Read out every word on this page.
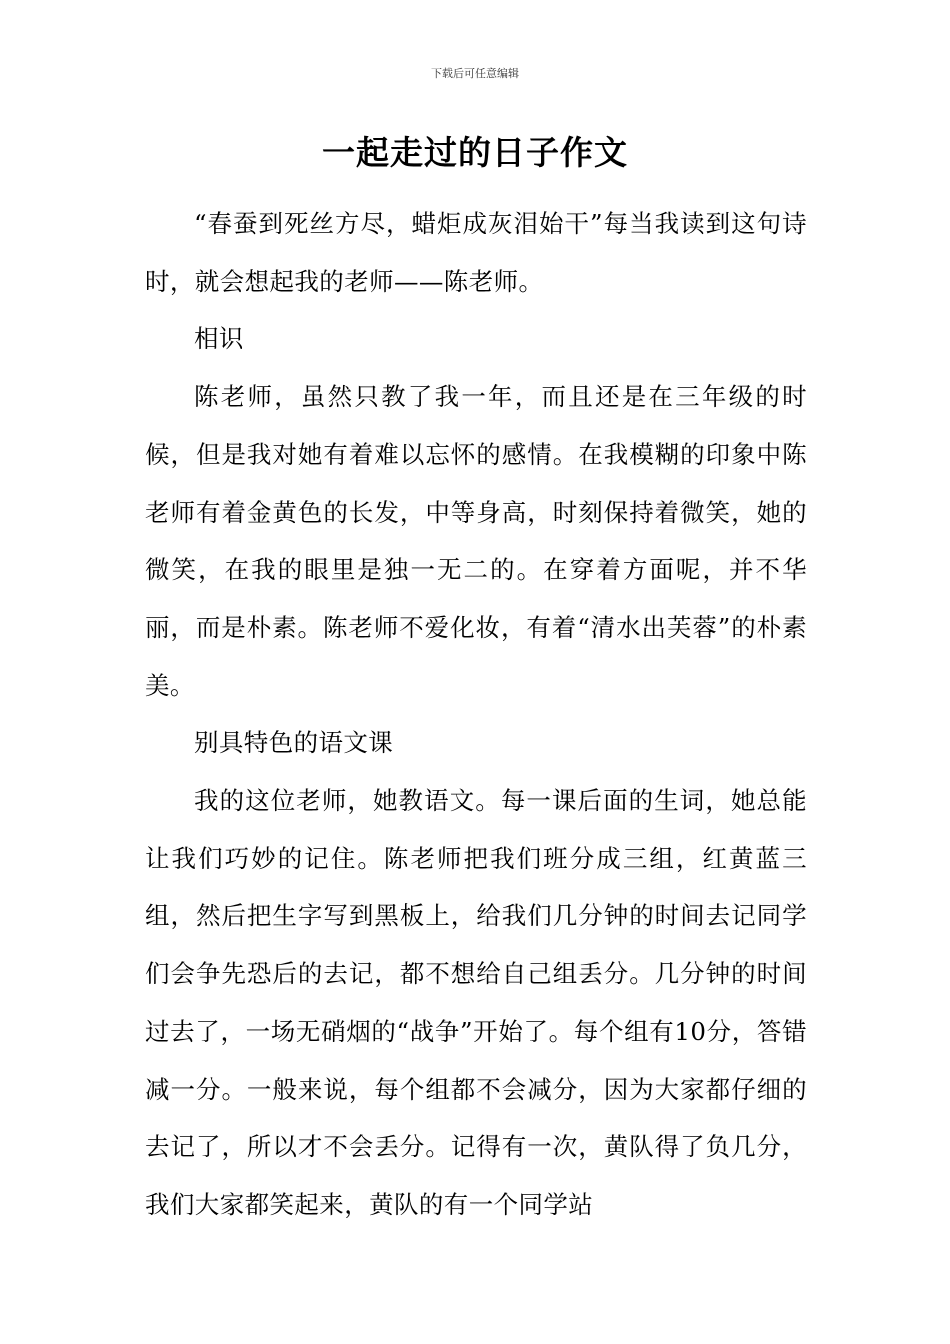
下载后可任意编辑
一起走过的日子作文

“春蚕到死丝方尽，蜡炬成灰泪始干”每当我读到这句诗时，就会想起我的老师——陈老师。

相识

陈老师，虽然只教了我一年，而且还是在三年级的时候，但是我对她有着难以忘怀的感情。在我模糊的印象中陈老师有着金黄色的长发，中等身高，时刻保持着微笑，她的微笑，在我的眼里是独一无二的。在穿着方面呢，并不华丽，而是朴素。陈老师不爱化妆，有着“清水出芙蓉”的朴素美。

别具特色的语文课

我的这位老师，她教语文。每一课后面的生词，她总能让我们巧妙的记住。陈老师把我们班分成三组，红黄蓝三组，然后把生字写到黑板上，给我们几分钟的时间去记同学们会争先恐后的去记，都不想给自己组丢分。几分钟的时间过去了，一场无硝烟的“战争”开始了。每个组有10分，答错减一分。一般来说，每个组都不会减分，因为大家都仔细的去记了，所以才不会丢分。记得有一次，黄队得了负几分，我们大家都笑起来，黄队的有一个同学站
